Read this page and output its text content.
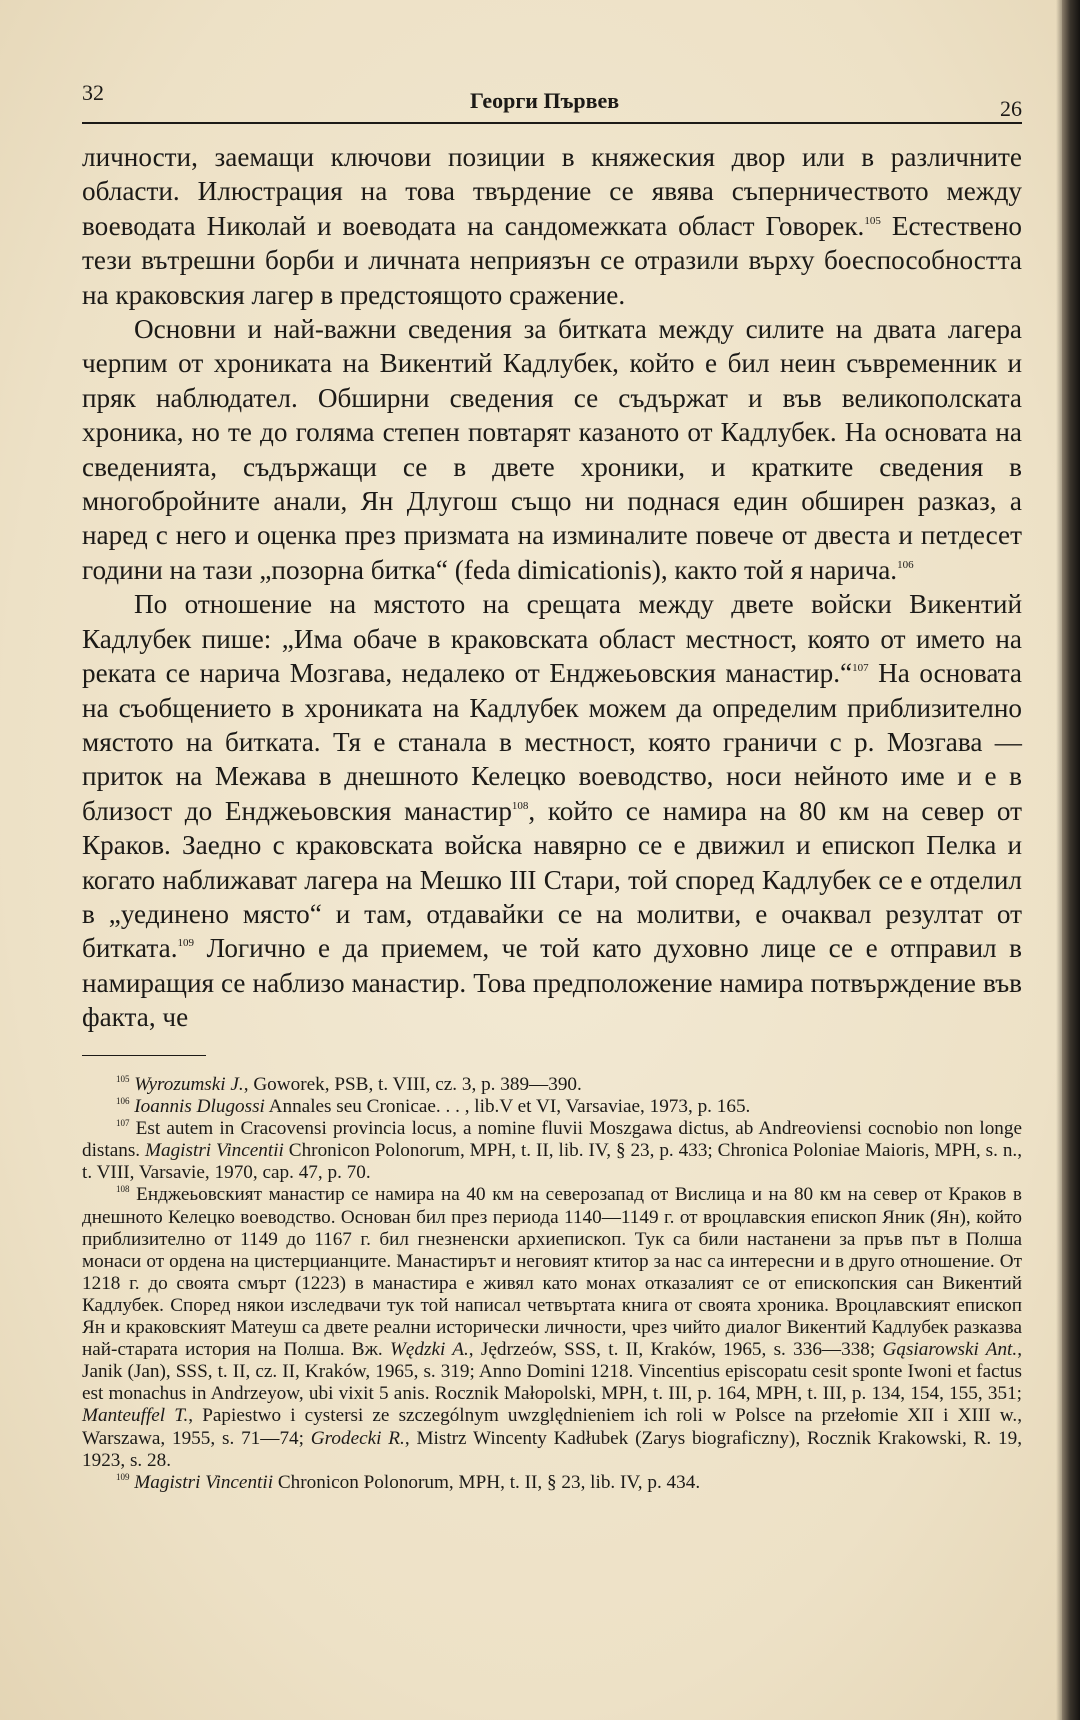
32	Георги Първев	26

личности, заемащи ключови позиции в княжеския двор или в различните области. Илюстрация на това твърдение се явява съперничеството между воеводата Николай и воеводата на сандомежката област Говорек.$^{105}$ Естествено тези вътрешни борби и личната неприязън се отразили върху боеспособността на краковския лагер в предстоящото сражение.

Основни и най-важни сведения за битката между силите на двата лагера черпим от хрониката на Викентий Кадлубек, който е бил неин съвременник и пряк наблюдател. Обширни сведения се съдържат и във великополската хроника, но те до голяма степен повтарят казаното от Кадлубек. На основата на сведенията, съдържащи се в двете хроники, и кратките сведения в многобройните анали, Ян Длугош също ни поднася един обширен разказ, а наред с него и оценка през призмата на изминалите повече от двеста и петдесет години на тази „позорна битка“ (feda dimicationis), както той я нарича.$^{106}$

По отношение на мястото на срещата между двете войски Викентий Кадлубек пише: „Има обаче в краковската област местност, която от името на реката се нарича Мозгава, недалеко от Енджеьовския манастир.“$^{107}$ На основата на съобщението в хрониката на Кадлубек можем да определим приблизително мястото на битката. Тя е станала в местност, която граничи с р. Мозгава — приток на Межава в днешното Келецко воеводство, носи нейното име и е в близост до Енджеьовския манастир$^{108}$, който се намира на 80 км на север от Краков. Заедно с краковската войска навярно се е движил и епископ Пелка и когато наближават лагера на Мешко III Стари, той според Кадлубек се е отделил в „уединено място“ и там, отдавайки се на молитви, е очаквал резултат от битката.$^{109}$ Логично е да приемем, че той като духовно лице се е отправил в намиращия се наблизо манастир. Това предположение намира потвърждение във факта, че

$^{105}$ Wyrozumski J., Goworek, PSB, t. VIII, cz. 3, p. 389—390.

$^{106}$ Ioannis Dlugossi Annales seu Cronicae. . . , lib.V et VI, Varsaviae, 1973, p. 165.

$^{107}$ Est autem in Cracovensi provincia locus, a nomine fluvii Moszgawa dictus, ab Andreoviensi cocnobio non longe distans. Magistri Vincentii Chronicon Polonorum, MPH, t. II, lib. IV, § 23, p. 433; Chronica Poloniae Maioris, MPH, s. n., t. VIII, Varsavie, 1970, cap. 47, p. 70.

$^{108}$ Енджеьовският манастир се намира на 40 км на северозапад от Вислица и на 80 км на север от Краков в днешното Келецко воеводство. Основан бил през периода 1140—1149 г. от вроцлавския епископ Яник (Ян), който приблизително от 1149 до 1167 г. бил гнезненски архиепископ. Тук са били настанени за пръв път в Полша монаси от ордена на цистерцианците. Манастирът и неговият ктитор за нас са интересни и в друго отношение. От 1218 г. до своята смърт (1223) в манастира е живял като монах отказалият се от епископския сан Викентий Кадлубек. Според някои изследвачи тук той написал четвъртата книга от своята хроника. Вроцлавският епископ Ян и краковският Матеуш са двете реални исторически личности, чрез чийто диалог Викентий Кадлубек разказва най-старата история на Полша. Вж. Wędzki A., Jędrzeów, SSS, t. II, Kraków, 1965, s. 336—338; Gąsiarowski Ant., Janik (Jan), SSS, t. II, cz. II, Kraków, 1965, s. 319; Anno Domini 1218. Vincentius episcopatu cesit sponte Iwoni et factus est monachus in Andrzeyow, ubi vixit 5 anis. Rocznik Małopolski, MPH, t. III, p. 164, MPH, t. III, p. 134, 154, 155, 351; Manteuffel T., Papiestwo i cystersi ze szczególnym uwzględnieniem ich roli w Polsce na przełomie XII i XIII w., Warszawa, 1955, s. 71—74; Grodecki R., Mistrz Wincenty Kadłubek (Zarys biograficzny), Rocznik Krakowski, R. 19, 1923, s. 28.

$^{109}$ Magistri Vincentii Chronicon Polonorum, MPH, t. II, § 23, lib. IV, p. 434.
